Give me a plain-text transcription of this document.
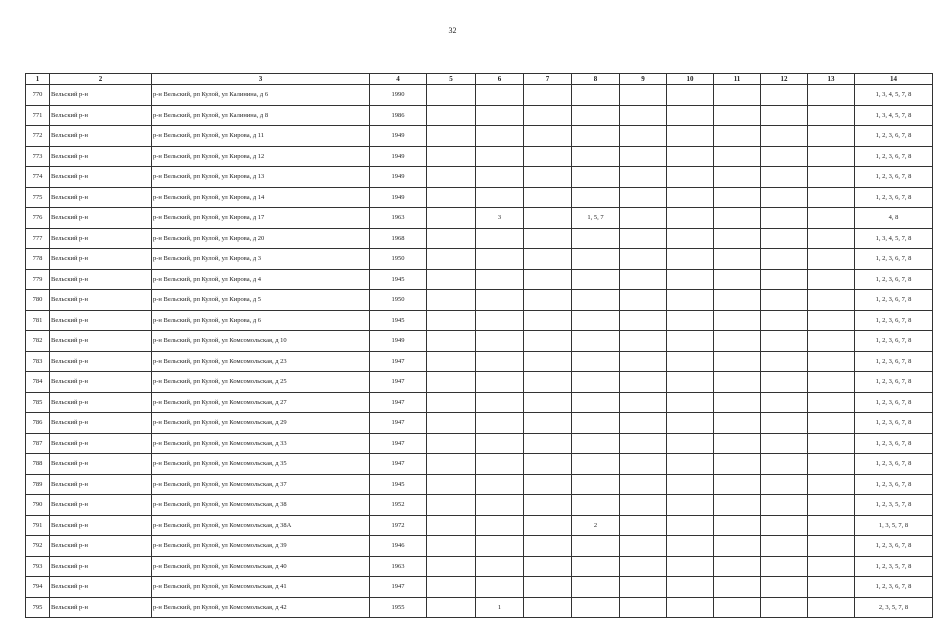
32
1	2	3	4	5	6	7	8	9	10	11	12	13	14
770	Вельский р-н	р-н Вельский, рп Кулой, ул Калинина, д 6	1990										1, 3, 4, 5, 7, 8
771	Вельский р-н	р-н Вельский, рп Кулой, ул Калинина, д 8	1986										1, 3, 4, 5, 7, 8
772	Вельский р-н	р-н Вельский, рп Кулой, ул Кирова, д 11	1949										1, 2, 3, 6, 7, 8
773	Вельский р-н	р-н Вельский, рп Кулой, ул Кирова, д 12	1949										1, 2, 3, 6, 7, 8
774	Вельский р-н	р-н Вельский, рп Кулой, ул Кирова, д 13	1949										1, 2, 3, 6, 7, 8
775	Вельский р-н	р-н Вельский, рп Кулой, ул Кирова, д 14	1949										1, 2, 3, 6, 7, 8
776	Вельский р-н	р-н Вельский, рп Кулой, ул Кирова, д 17	1963		3		1, 5, 7						4, 8
777	Вельский р-н	р-н Вельский, рп Кулой, ул Кирова, д 20	1968										1, 3, 4, 5, 7, 8
778	Вельский р-н	р-н Вельский, рп Кулой, ул Кирова, д 3	1950										1, 2, 3, 6, 7, 8
779	Вельский р-н	р-н Вельский, рп Кулой, ул Кирова, д 4	1945										1, 2, 3, 6, 7, 8
780	Вельский р-н	р-н Вельский, рп Кулой, ул Кирова, д 5	1950										1, 2, 3, 6, 7, 8
781	Вельский р-н	р-н Вельский, рп Кулой, ул Кирова, д 6	1945										1, 2, 3, 6, 7, 8
782	Вельский р-н	р-н Вельский, рп Кулой, ул Комсомольская, д 10	1949										1, 2, 3, 6, 7, 8
783	Вельский р-н	р-н Вельский, рп Кулой, ул Комсомольская, д 23	1947										1, 2, 3, 6, 7, 8
784	Вельский р-н	р-н Вельский, рп Кулой, ул Комсомольская, д 25	1947										1, 2, 3, 6, 7, 8
785	Вельский р-н	р-н Вельский, рп Кулой, ул Комсомольская, д 27	1947										1, 2, 3, 6, 7, 8
786	Вельский р-н	р-н Вельский, рп Кулой, ул Комсомольская, д 29	1947										1, 2, 3, 6, 7, 8
787	Вельский р-н	р-н Вельский, рп Кулой, ул Комсомольская, д 33	1947										1, 2, 3, 6, 7, 8
788	Вельский р-н	р-н Вельский, рп Кулой, ул Комсомольская, д 35	1947										1, 2, 3, 6, 7, 8
789	Вельский р-н	р-н Вельский, рп Кулой, ул Комсомольская, д 37	1945										1, 2, 3, 6, 7, 8
790	Вельский р-н	р-н Вельский, рп Кулой, ул Комсомольская, д 38	1952										1, 2, 3, 5, 7, 8
791	Вельский р-н	р-н Вельский, рп Кулой, ул Комсомольская, д 38А	1972				2						1, 3, 5, 7, 8
792	Вельский р-н	р-н Вельский, рп Кулой, ул Комсомольская, д 39	1946										1, 2, 3, 6, 7, 8
793	Вельский р-н	р-н Вельский, рп Кулой, ул Комсомольская, д 40	1963										1, 2, 3, 5, 7, 8
794	Вельский р-н	р-н Вельский, рп Кулой, ул Комсомольская, д 41	1947										1, 2, 3, 6, 7, 8
795	Вельский р-н	р-н Вельский, рп Кулой, ул Комсомольская, д 42	1955		1								2, 3, 5, 7, 8
